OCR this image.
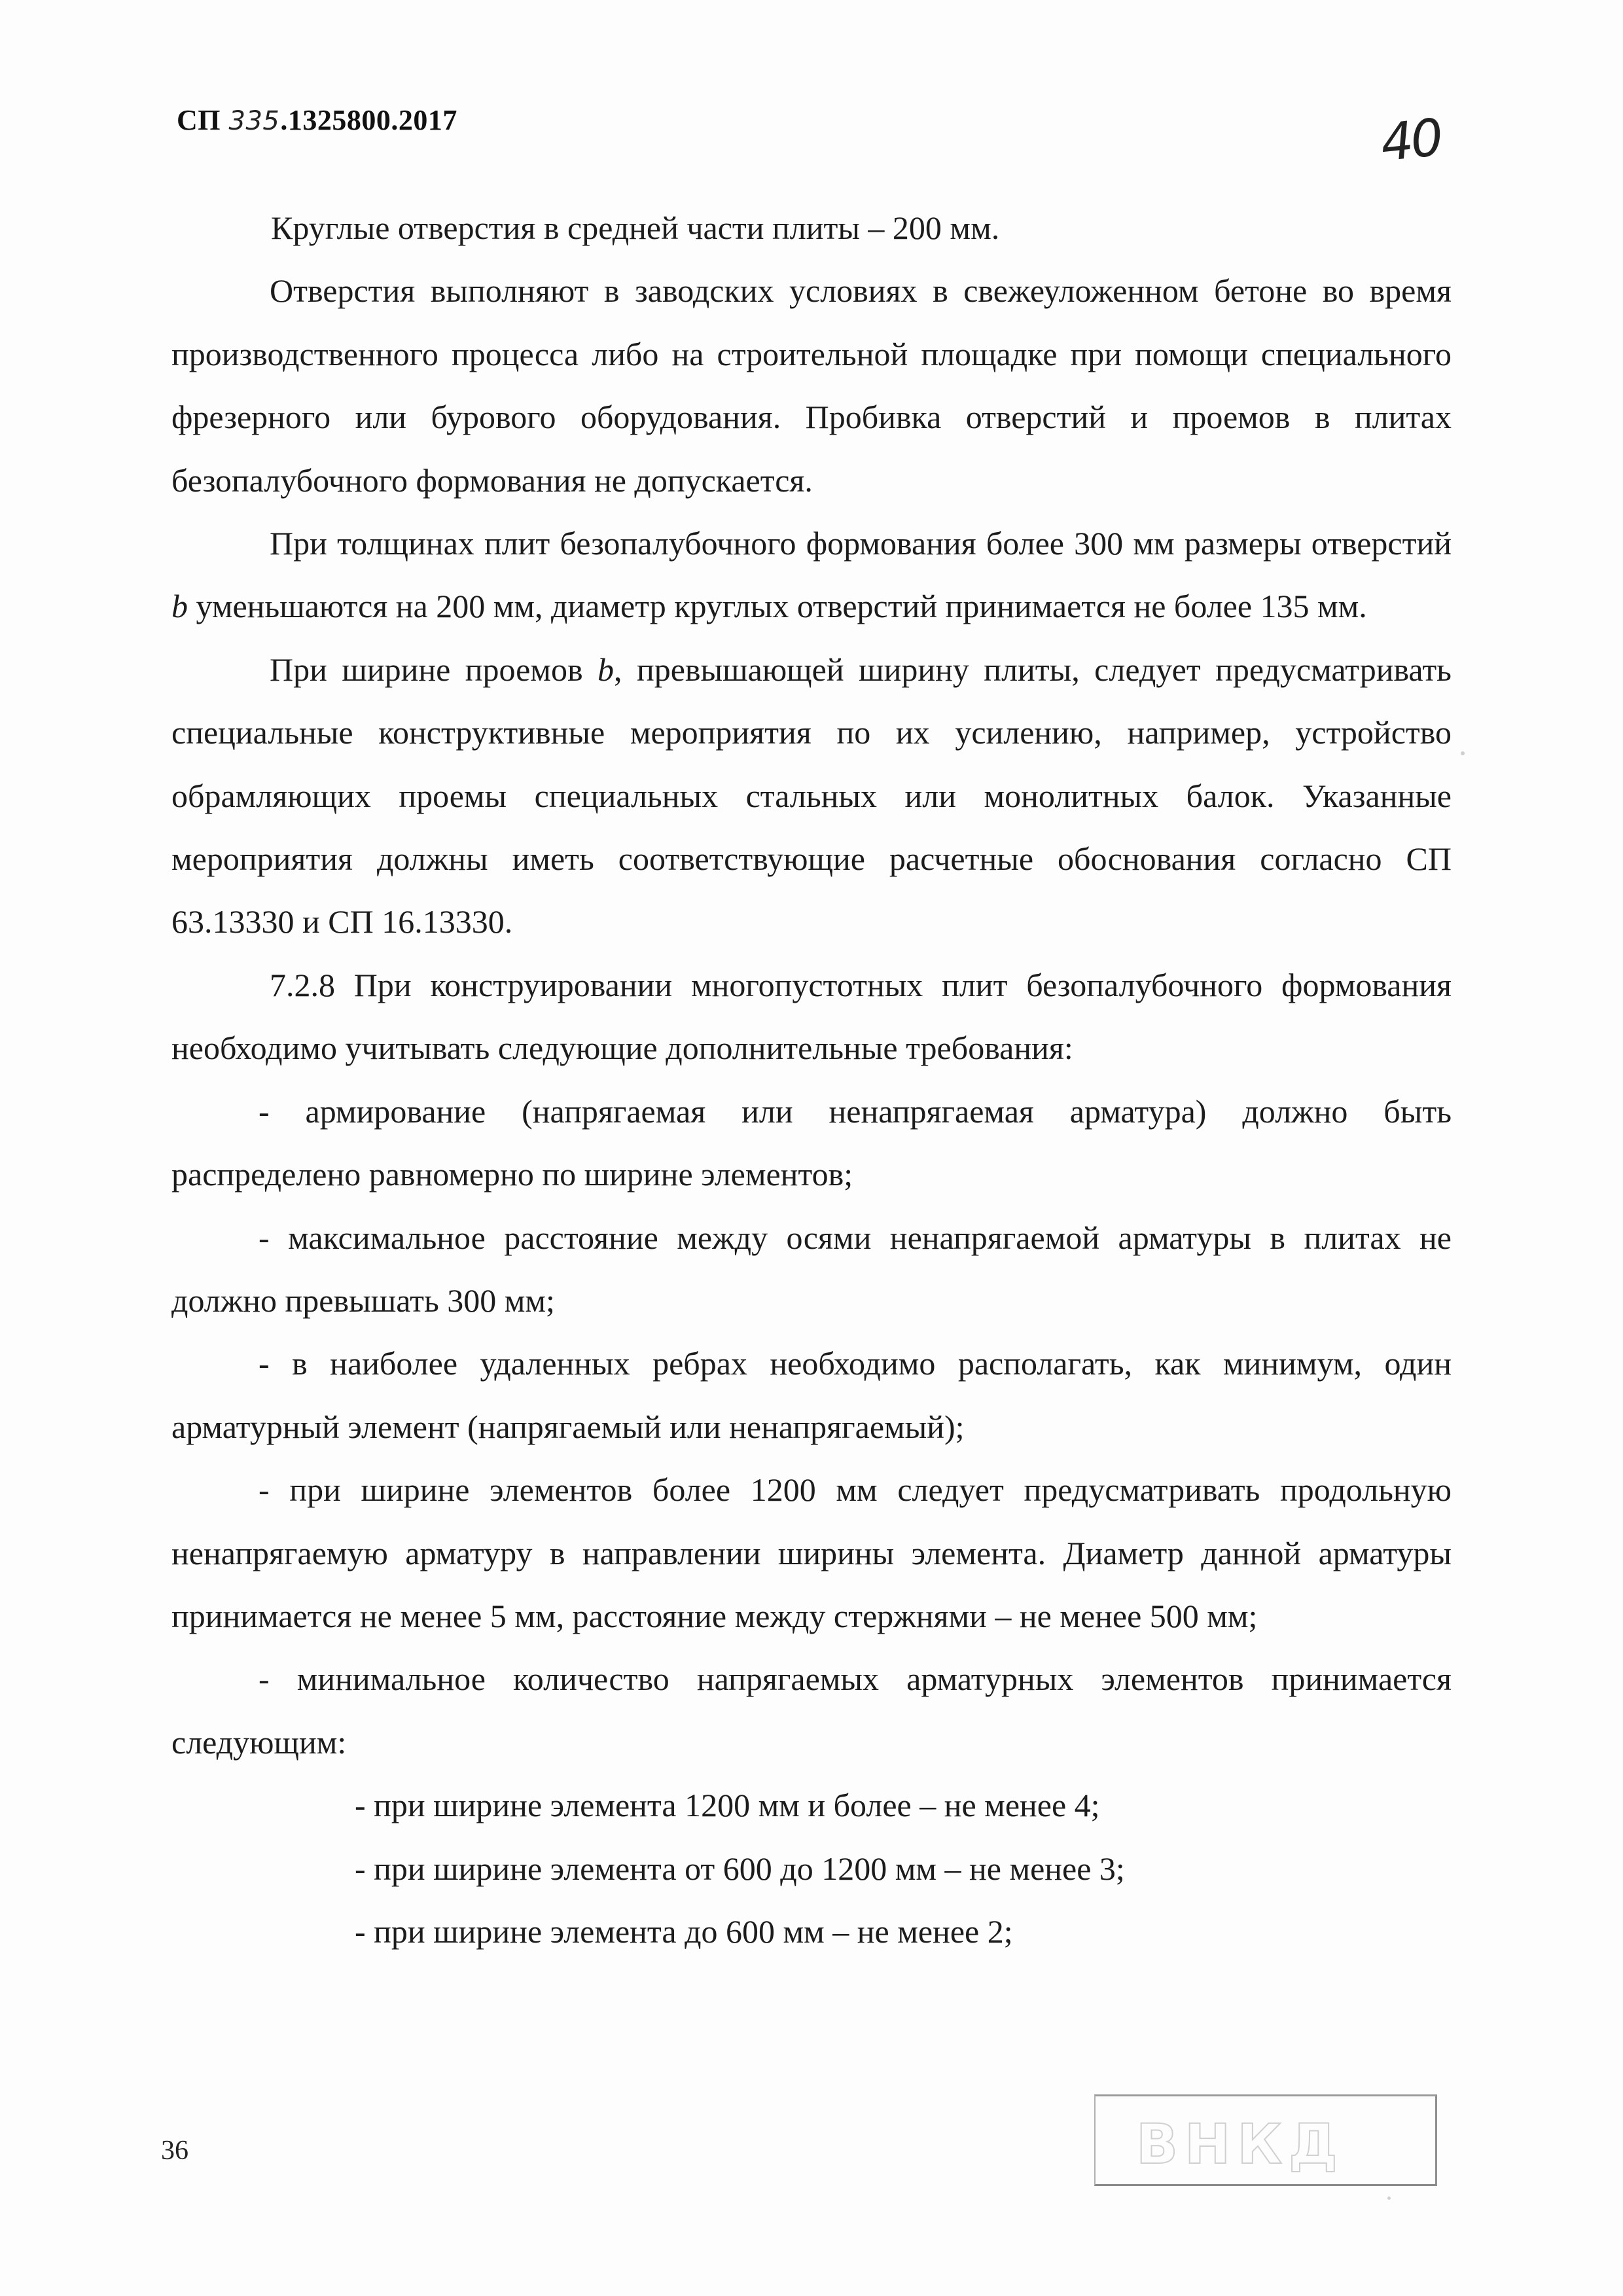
СП 335.1325800.2017	40

Круглые отверстия в средней части плиты – 200 мм.

Отверстия выполняют в заводских условиях в свежеуложенном бетоне во время производственного процесса либо на строительной площадке при помощи специального фрезерного или бурового оборудования. Пробивка отверстий и проемов в плитах безопалубочного формования не допускается.

При толщинах плит безопалубочного формования более 300 мм размеры отверстий b уменьшаются на 200 мм, диаметр круглых отверстий принимается не более 135 мм.

При ширине проемов b, превышающей ширину плиты, следует предусматривать специальные конструктивные мероприятия по их усилению, например, устройство обрамляющих проемы специальных стальных или монолитных балок. Указанные мероприятия должны иметь соответствующие расчетные обоснования согласно СП 63.13330 и СП 16.13330.

7.2.8 При конструировании многопустотных плит безопалубочного формования необходимо учитывать следующие дополнительные требования:

- армирование (напрягаемая или ненапрягаемая арматура) должно быть распределено равномерно по ширине элементов;

- максимальное расстояние между осями ненапрягаемой арматуры в плитах не должно превышать 300 мм;

- в наиболее удаленных ребрах необходимо располагать, как минимум, один арматурный элемент (напрягаемый или ненапрягаемый);

- при ширине элементов более 1200 мм следует предусматривать продольную ненапрягаемую арматуру в направлении ширины элемента. Диаметр данной арматуры принимается не менее 5 мм, расстояние между стержнями – не менее 500 мм;

- минимальное количество напрягаемых арматурных элементов принимается следующим:

- при ширине элемента 1200 мм и более – не менее 4;

- при ширине элемента от 600 до 1200 мм – не менее 3;

- при ширине элемента до 600 мм – не менее 2;

36	ВНКД
